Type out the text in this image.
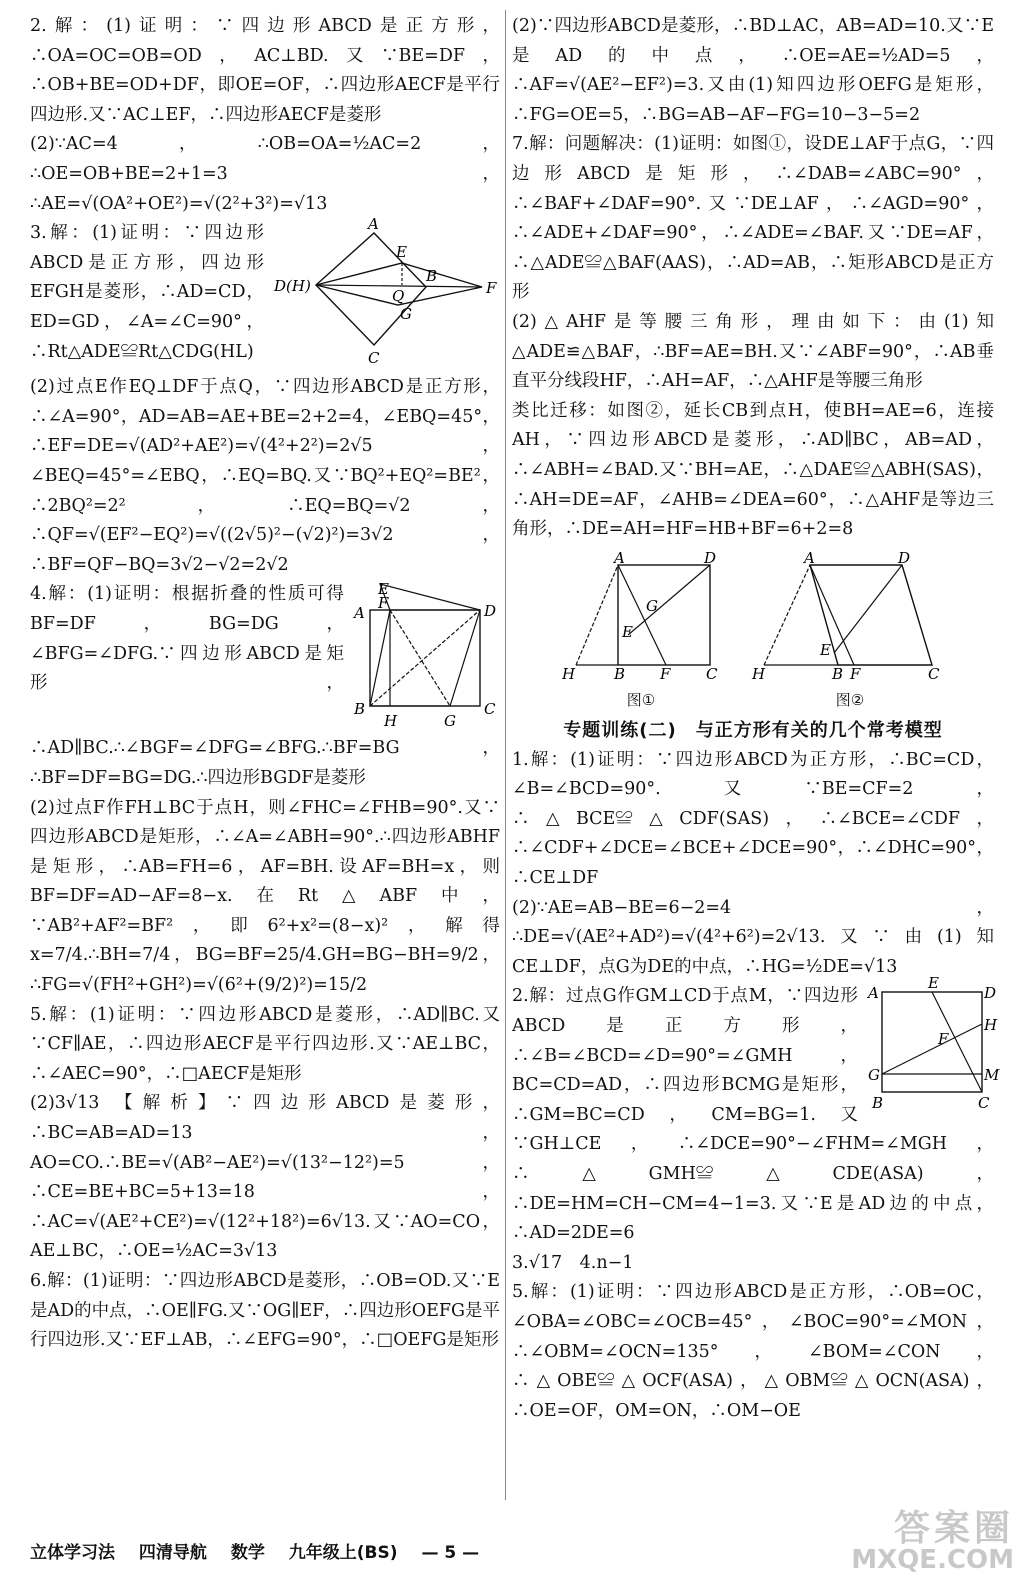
2.解：(1)证明：∵四边形ABCD是正方形，∴OA=OC=OB=OD，AC⊥BD.又∵BE=DF，∴OB+BE=OD+DF，即OE=OF，∴四边形AECF是平行四边形.又∵AC⊥EF，∴四边形AECF是菱形

(2)∵AC=4，∴OB=OA=½AC=2，∴OE=OB+BE=2+1=3，∴AE=√(OA²+OE²)=√(2²+3²)=√13

A
E
D(H)
B
F
Q
G
C

3.解：(1)证明：∵四边形ABCD是正方形，四边形EFGH是菱形，∴AD=CD，ED=GD，∠A=∠C=90°，∴Rt△ADE≌Rt△CDG(HL)

(2)过点E作EQ⊥DF于点Q，∵四边形ABCD是正方形，∴∠A=90°，AD=AB=AE+BE=2+2=4，∠EBQ=45°，∴EF=DE=√(AD²+AE²)=√(4²+2²)=2√5，∠BEQ=45°=∠EBQ，∴EQ=BQ.又∵BQ²+EQ²=BE²，∴2BQ²=2²，∴EQ=BQ=√2，∴QF=√(EF²−EQ²)=√((2√5)²−(√2)²)=3√2，∴BF=QF−BQ=3√2−√2=2√2

E
A
F	D
B
H	G
C

4.解：(1)证明：根据折叠的性质可得BF=DF，BG=DG，∠BFG=∠DFG.∵四边形ABCD是矩形，∴AD∥BC.∴∠BGF=∠DFG=∠BFG.∴BF=BG，∴BF=DF=BG=DG.∴四边形BGDF是菱形

(2)过点F作FH⊥BC于点H，则∠FHC=∠FHB=90°.又∵四边形ABCD是矩形，∴∠A=∠ABH=90°.∴四边形ABHF是矩形，∴AB=FH=6，AF=BH.设AF=BH=x，则BF=DF=AD−AF=8−x.在Rt△ABF中，∵AB²+AF²=BF²，即6²+x²=(8−x)²，解得x=7/4.∴BH=7/4，BG=BF=25/4.GH=BG−BH=9/2，∴FG=√(FH²+GH²)=√(6²+(9/2)²)=15/2

5.解：(1)证明：∵四边形ABCD是菱形，∴AD∥BC.又∵CF∥AE，∴四边形AECF是平行四边形.又∵AE⊥BC，∴∠AEC=90°，∴□AECF是矩形

(2)3√13 【解析】∵四边形ABCD是菱形，∴BC=AB=AD=13，AO=CO.∴BE=√(AB²−AE²)=√(13²−12²)=5，∴CE=BE+BC=5+13=18，∴AC=√(AE²+CE²)=√(12²+18²)=6√13.又∵AO=CO，AE⊥BC，∴OE=½AC=3√13

6.解：(1)证明：∵四边形ABCD是菱形，∴OB=OD.又∵E是AD的中点，∴OE∥FG.又∵OG∥EF，∴四边形OEFG是平行四边形.又∵EF⊥AB，∴∠EFG=90°，∴□OEFG是矩形

(2)∵四边形ABCD是菱形，∴BD⊥AC，AB=AD=10.又∵E是AD的中点，∴OE=AE=½AD=5，∴AF=√(AE²−EF²)=3.又由(1)知四边形OEFG是矩形，∴FG=OE=5，∴BG=AB−AF−FG=10−3−5=2

7.解：问题解决：(1)证明：如图①，设DE⊥AF于点G，∵四边形ABCD是矩形，∴∠DAB=∠ABC=90°，∴∠BAF+∠DAF=90°.又∵DE⊥AF，∴∠AGD=90°，∴∠ADE+∠DAF=90°，∴∠ADE=∠BAF.又∵DE=AF，∴△ADE≌△BAF(AAS)，∴AD=AB，∴矩形ABCD是正方形

(2)△AHF是等腰三角形，理由如下：由(1)知△ADE≌△BAF，∴BF=AE=BH.又∵∠ABF=90°，∴AB垂直平分线段HF，∴AH=AF，∴△AHF是等腰三角形

类比迁移：如图②，延长CB到点H，使BH=AE=6，连接AH，∵四边形ABCD是菱形，∴AD∥BC，AB=AD，∴∠ABH=∠BAD.又∵BH=AE，∴△DAE≌△ABH(SAS)，∴AH=DE=AF，∠AHB=∠DEA=60°，∴△AHF是等边三角形，∴DE=AH=HF=HB+BF=6+2=8

A	D
G
E
H	B F C
图①
A	D
E
H	B F	C
图②
专题训练(二)　与正方形有关的几个常考模型

1.解：(1)证明：∵四边形ABCD为正方形，∴BC=CD，∠B=∠BCD=90°.又∵BE=CF=2，∴△BCE≌△CDF(SAS)，∴∠BCE=∠CDF，∴∠CDF+∠DCE=∠BCE+∠DCE=90°，∴∠DHC=90°，∴CE⊥DF

(2)∵AE=AB−BE=6−2=4，∴DE=√(AE²+AD²)=√(4²+6²)=2√13.又∵由(1)知CE⊥DF，点G为DE的中点，∴HG=½DE=√13

A
E
D
H
F
G	M
B	C

2.解：过点G作GM⊥CD于点M，∵四边形ABCD是正方形，∴∠B=∠BCD=∠D=90°=∠GMH，BC=CD=AD，∴四边形BCMG是矩形，∴GM=BC=CD，CM=BG=1.又∵GH⊥CE，∴∠DCE=90°−∠FHM=∠MGH，∴△GMH≌△CDE(ASA)，∴DE=HM=CH−CM=4−1=3.又∵E是AD边的中点，∴AD=2DE=6

3.√17　4.n−1

5.解：(1)证明：∵四边形ABCD是正方形，∴OB=OC，∠OBA=∠OBC=∠OCB=45°，∠BOC=90°=∠MON，∴∠OBM=∠OCN=135°，∠BOM=∠CON，∴△OBE≌△OCF(ASA)，△OBM≌△OCN(ASA)，∴OE=OF，OM=ON，∴OM−OE

立体学习法 四清导航 数学 九年级上(BS) — 5 —
答案圈
MXQE.COM
